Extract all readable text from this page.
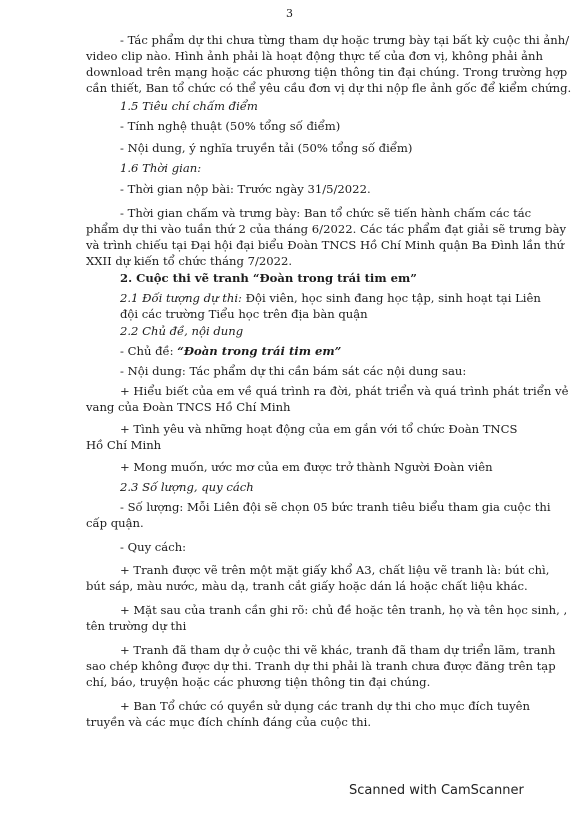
3
- Tác phẩm dự thi chưa từng tham dự hoặc trưng bày tại bất kỳ cuộc thi ảnh/
video clip nào. Hình ảnh phải là hoạt động thực tế của đơn vị, không phải ảnh
download trên mạng hoặc các phương tiện thông tin đại chúng. Trong trường hợp
cần thiết, Ban tổ chức có thể yêu cầu đơn vị dự thi nộp fle ảnh gốc để kiểm chứng.
1.5 Tiêu chí chấm điểm
- Tính nghệ thuật (50% tổng số điểm)
- Nội dung, ý nghĩa truyền tải (50% tổng số điểm)
1.6 Thời gian:
- Thời gian nộp bài: Trước ngày 31/5/2022.
- Thời gian chấm và trưng bày: Ban tổ chức sẽ tiến hành chấm các tác
phẩm dự thi vào tuần thứ 2 của tháng 6/2022. Các tác phẩm đạt giải sẽ trưng bày
và trình chiếu tại Đại hội đại biểu Đoàn TNCS Hồ Chí Minh quận Ba Đình lần thứ
XXII dự kiến tổ chức tháng 7/2022.
2. Cuộc thi vẽ tranh “Đoàn trong trái tim em”
2.1 Đối tượng dự thi: Đội viên, học sinh đang học tập, sinh hoạt tại Liên
đội các trường Tiểu học trên địa bàn quận
2.2 Chủ đề, nội dung
- Chủ đề: “Đoàn trong trái tim em”
- Nội dung: Tác phẩm dự thi cần bám sát các nội dung sau:
+ Hiểu biết của em về quá trình ra đời, phát triển và quá trình phát triển vẻ
vang của Đoàn TNCS Hồ Chí Minh
+ Tình yêu và những hoạt động của em gắn với tổ chức Đoàn TNCS
Hồ Chí Minh
+ Mong muốn, ước mơ của em được trở thành Người Đoàn viên
2.3 Số lượng, quy cách
- Số lượng: Mỗi Liên đội sẽ chọn 05 bức tranh tiêu biểu tham gia cuộc thi
cấp quận.
- Quy cách:
+ Tranh được vẽ trên một mặt giấy khổ A3, chất liệu vẽ tranh là: bút chì,
bút sáp, màu nước, màu dạ, tranh cắt giấy hoặc dán lá hoặc chất liệu khác.
+ Mặt sau của tranh cần ghi rõ: chủ đề hoặc tên tranh, họ và tên học sinh, ,
tên trường dự thi
+ Tranh đã tham dự ở cuộc thi vẽ khác, tranh đã tham dự triển lãm, tranh
sao chép không được dự thi. Tranh dự thi phải là tranh chưa được đăng trên tạp
chí, báo, truyện hoặc các phương tiện thông tin đại chúng.
+ Ban Tổ chức có quyền sử dụng các tranh dự thi cho mục đích tuyên
truyền và các mục đích chính đáng của cuộc thi.
Scanned with CamScanner
